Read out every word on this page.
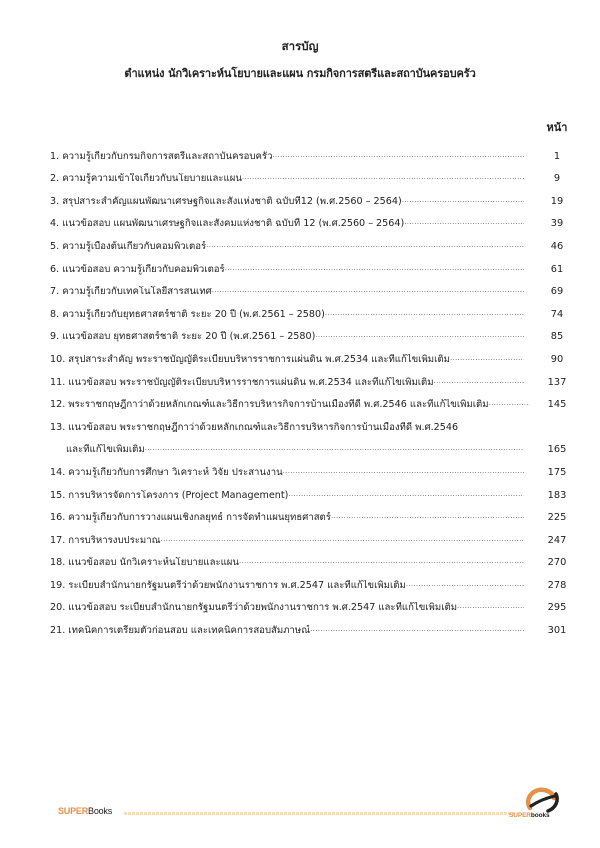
สารบัญ
ตำแหน่ง นักวิเคราะห์นโยบายและแผน กรมกิจการสตรีและสถาบันครอบครัว
หน้า
1. ความรู้เกี่ยวกับกรมกิจการสตรีและสถาบันครอบครัว .....	1
2. ความรู้ความเข้าใจเกี่ยวกับนโยบายและแผน .....	9
3. สรุปสาระสำคัญแผนพัฒนาเศรษฐกิจและสังแห่งชาติ ฉบับที่12 (พ.ศ.2560 – 2564) .....	19
4. แนวข้อสอบ แผนพัฒนาเศรษฐกิจและสังคมแห่งชาติ ฉบับที่ 12 (พ.ศ.2560 – 2564) .....	39
5. ความรู้เบื้องต้นเกี่ยวกับคอมพิวเตอร์ .....	46
6. แนวข้อสอบ ความรู้เกี่ยวกับคอมพิวเตอร์ .....	61
7. ความรู้เกี่ยวกับเทคโนโลยีสารสนเทศ .....	69
8. ความรู้เกี่ยวกับยุทธศาสตร์ชาติ ระยะ 20 ปี (พ.ศ.2561 – 2580) .....	74
9. แนวข้อสอบ ยุทธศาสตร์ชาติ ระยะ 20 ปี (พ.ศ.2561 – 2580) .....	85
10. สรุปสาระสำคัญ พระราชบัญญัติระเบียบบริหารราชการแผ่นดิน พ.ศ.2534 และที่แก้ไขเพิ่มเติม .....	90
11. แนวข้อสอบ พระราชบัญญัติระเบียบบริหารราชการแผ่นดิน พ.ศ.2534 และที่แก้ไขเพิ่มเติม .....	137
12. พระราชกฤษฎีกาว่าด้วยหลักเกณฑ์และวิธีการบริหารกิจการบ้านเมืองที่ดี พ.ศ.2546 และที่แก้ไขเพิ่มเติม .....	145
13. แนวข้อสอบ พระราชกฤษฎีกาว่าด้วยหลักเกณฑ์และวิธีการบริหารกิจการบ้านเมืองที่ดี พ.ศ.2546
และที่แก้ไขเพิ่มเติม .....	165
14. ความรู้เกี่ยวกับการศึกษา วิเคราะห์ วิจัย ประสานงาน .....	175
15. การบริหารจัดการโครงการ (Project Management) .....	183
16. ความรู้เกี่ยวกับการวางแผนเชิงกลยุทธ์ การจัดทำแผนยุทธศาสตร์ .....	225
17. การบริหารงบประมาณ .....	247
18. แนวข้อสอบ นักวิเคราะห์นโยบายและแผน .....	270
19. ระเบียบสำนักนายกรัฐมนตรีว่าด้วยพนักงานราชการ พ.ศ.2547 และที่แก้ไขเพิ่มเติม .....	278
20. แนวข้อสอบ ระเบียบสำนักนายกรัฐมนตรีว่าด้วยพนักงานราชการ พ.ศ.2547 และที่แก้ไขเพิ่มเติม .....	295
21. เทคนิคการเตรียมตัวก่อนสอบ และเทคนิคการสอบสัมภาษณ์ .....	301
SUPERBooks	SUPERbooks
